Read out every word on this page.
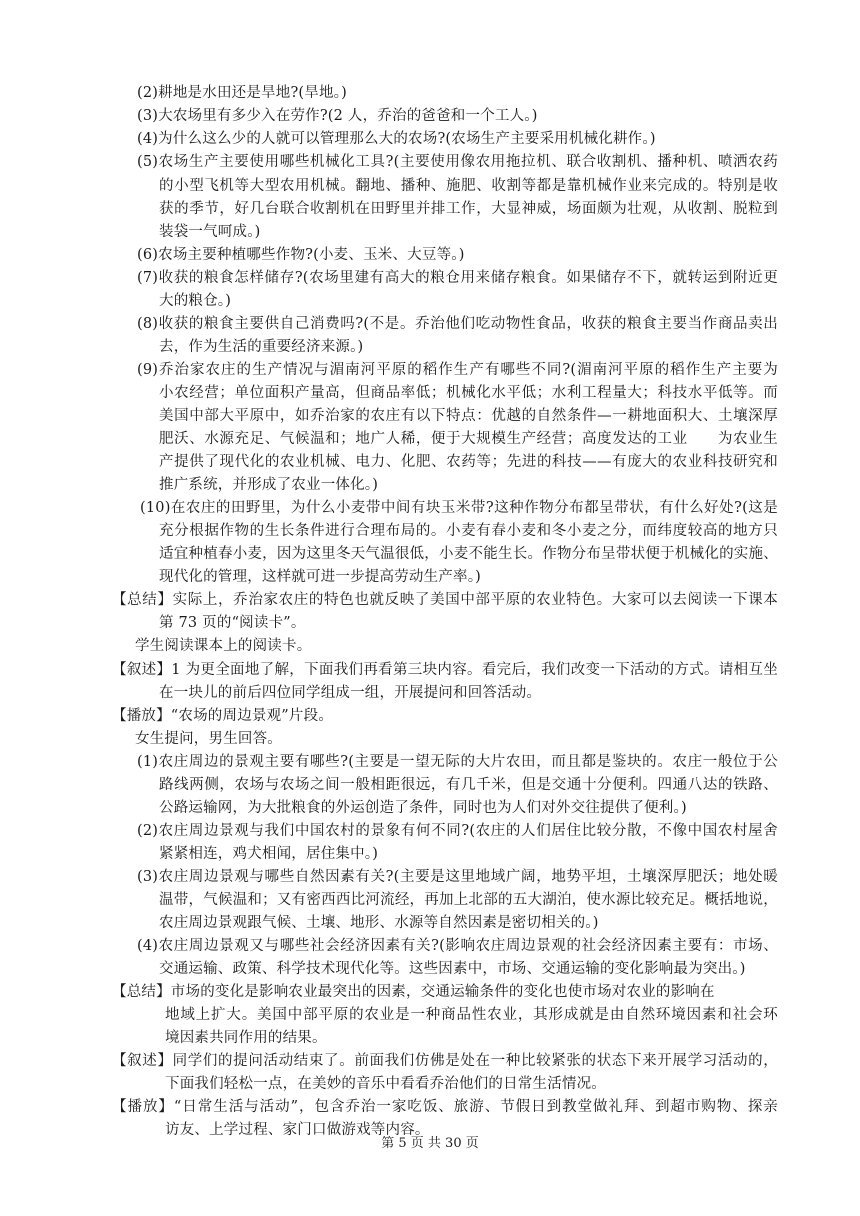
(2)耕地是水田还是旱地?(旱地。)
(3)大农场里有多少入在劳作?(2 人，乔治的爸爸和一个工人。)
(4)为什么这么少的人就可以管理那么大的农场?(农场生产主要采用机械化耕作。)
(5)农场生产主要使用哪些机械化工具?(主要使用像农用拖拉机、联合收割机、播种机、喷洒农药
的小型飞机等大型农用机械。翻地、播种、施肥、收割等都是靠机械作业来完成的。特别是收
获的季节，好几台联合收割机在田野里并排工作，大显神威，场面颇为壮观，从收割、脱粒到
装袋一气呵成。)
(6)农场主要种植哪些作物?(小麦、玉米、大豆等。)
(7)收获的粮食怎样储存?(农场里建有高大的粮仓用来储存粮食。如果储存不下，就转运到附近更
大的粮仓。)
(8)收获的粮食主要供自己消费吗?(不是。乔治他们吃动物性食品，收获的粮食主要当作商品卖出
去，作为生活的重要经济来源。)
(9)乔治家农庄的生产情况与湄南河平原的稻作生产有哪些不同?(湄南河平原的稻作生产主要为
小农经营；单位面积产量高，但商品率低；机械化水平低；水利工程量大；科技水平低等。而
美国中部大平原中，如乔治家的农庄有以下特点：优越的自然条件—一耕地面积大、土壤深厚
肥沃、水源充足、气候温和；地广人稀，便于大规模生产经营；高度发达的工业　　为农业生
产提供了现代化的农业机械、电力、化肥、农药等；先进的科技——有庞大的农业科技研究和
推广系统，并形成了农业一体化。)
(10)在农庄的田野里，为什么小麦带中间有块玉米带?这种作物分布都呈带状，有什么好处?(这是
充分根据作物的生长条件进行合理布局的。小麦有春小麦和冬小麦之分，而纬度较高的地方只
适宜种植春小麦，因为这里冬天气温很低，小麦不能生长。作物分布呈带状便于机械化的实施、
现代化的管理，这样就可进一步提高劳动生产率。)
【总结】实际上，乔治家农庄的特色也就反映了美国中部平原的农业特色。大家可以去阅读一下课本
第 73 页的“阅读卡”。
学生阅读课本上的阅读卡。
【叙述】1 为更全面地了解，下面我们再看第三块内容。看完后，我们改变一下活动的方式。请相互坐
在一块儿的前后四位同学组成一组，开展提问和回答活动。
【播放】“农场的周边景观”片段。
女生提问，男生回答。
(1)农庄周边的景观主要有哪些?(主要是一望无际的大片农田，而且都是鉴块的。农庄一般位于公
路线两侧，农场与农场之间一般相距很远，有几千米，但是交通十分便利。四通八达的铁路、
公路运输网，为大批粮食的外运创造了条件，同时也为人们对外交往提供了便利。)
(2)农庄周边景观与我们中国农村的景象有何不同?(农庄的人们居住比较分散，不像中国农村屋舍
紧紧相连，鸡犬相闻，居住集中。)
(3)农庄周边景观与哪些自然因素有关?(主要是这里地域广阔，地势平坦，土壤深厚肥沃；地处暖
温带，气候温和；又有密西西比河流经，再加上北部的五大湖泊，使水源比较充足。概括地说，
农庄周边景观跟气候、土壤、地形、水源等自然因素是密切相关的。)
(4)农庄周边景观又与哪些社会经济因素有关?(影响农庄周边景观的社会经济因素主要有：市场、
交通运输、政策、科学技术现代化等。这些因素中，市场、交通运输的变化影响最为突出。)
【总结】市场的变化是影响农业最突出的因素，交通运输条件的变化也使市场对农业的影响在
地域上扩大。美国中部平原的农业是一种商品性农业，其形成就是由自然环境因素和社会环
境因素共同作用的结果。
【叙述】同学们的提问活动结束了。前面我们仿佛是处在一种比较紧张的状态下来开展学习活动的，
下面我们轻松一点，在美妙的音乐中看看乔治他们的日常生活情况。
【播放】“日常生活与活动”，包含乔治一家吃饭、旅游、节假日到教堂做礼拜、到超市购物、探亲
访友、上学过程、家门口做游戏等内容。
第 5 页 共 30 页
